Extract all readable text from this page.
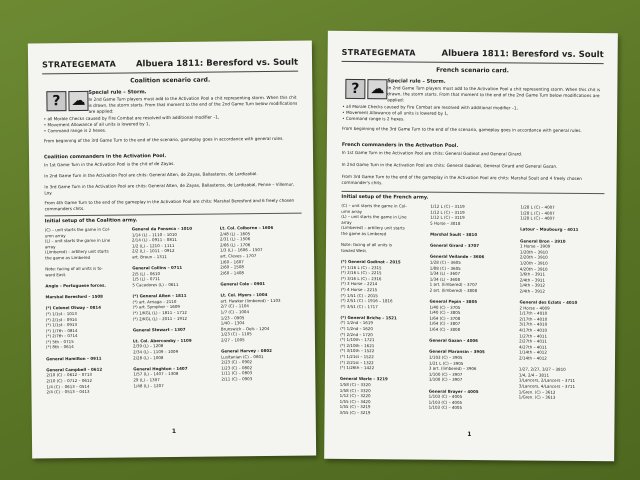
STRATEGEMATA Albuera 1811: Beresford vs. Soult
Coalition scenario card.
? ☁
Special rule – Storm.
In 2nd Game Turn players must add to the Activation Pool a chit representing storm. When this chit is drawn, the storm starts. From that moment to the end of the 2nd Game Turn below modifications are applied:
• all Morale Checks caused by Fire Combat are resolved with additional modifier –1,
• Movement Allowance of all units is lowered by 1,
• Command range is 2 hexes.
From beginning of the 3rd Game Turn to the end of the scenario, gameplay goes in accordance with general rules.
Coalition commanders in the Activation Pool.
In 1st Game Turn in the Activation Pool is the chit of de Zayas.
In 2nd Game Turn in the Activation Pool are chits: General Alten, de Zayas, Ballasteros, de Lardizabal.
In 3rd Game Turn in the Activation Pool are chits: General Alten, de Zayas, Ballasteros, de Lardizabal, Penne – Villemur, Loy.
From 4th Game Turn to the end of the gameplay in the Activation Pool are chits: Marshal Beresford and 6 freely chosen commanders chits.
Initial setup of the Coalition army.
(C) – unit starts the game in Col-
umn array
(L) – unit starts the game in Line
array
(Limbered) – artillery unit starts
the game as Limbered

Note: facing of all units is to-
ward East.

Anglo – Portuguese forces.

Marshal Beresford – 1508

(*) Colonel Otway – 0814
(*) 1/1st – 1013
(*) 2/1st – 0914
(*) 1/1st – 0913
(*) 1/7th – 0814
(*) 2/7th – 0714
(*) 5th – 0715
(*) 8th – 0614

General Hamilton – 0911

General Campbell – 0612
2/10 (C) – 0612 – 0713
2/10 (C) – 0712 – 0612
1/4 (C) – 0613 – 0514
2/4 (C) – 0513 – 0413
General da Fonseca – 1010
1/14 (L) – 1110 – 1010
2/14 (L) – 0911 – 0811
1/2 (L) – 1210 – 1111
2/2 (L) – 1011 – 0912
art. Braun – 1311

General Collins – 0711
2/5 (L) – 0610
1/5 (L) – 0711
5 Cacadores (L) – 0611

(*) General Alten – 1811
(*) art. Arriaga – 2110
(*) art. Sympher – 1609
(*) 1/KGL (L) – 1811 – 1712
(*) 2/KGL (L) – 2011 – 1912

General Stewart – 1307

Lt. Col. Abercomby – 1109
2/39 (L) – 1208
2/34 (L) – 1109 – 1009
2/28 (L) – 1008

General Hoghton – 1407
1/57 (L) – 1407 – 1308
29 (L) – 1307
1/48 (L) – 1207
Lt. Col. Colborne – 1606
2/48 (L) – 1605
2/31 (L) – 1506
2/66 (L) – 1706
1/3 (L) – 1606 – 1507
art. Cleves – 1707
1/60 – 1607
2/60 – 1508
2/60 – 1408

General Cole – 0901

Lt. Col. Myers – 1004
art. Hawker (limbered) – 1103
2/7 (C) – 1104
1/7 (C) – 1004
1/23 – 0905
1/40 – 1304
Brunswick – Oels – 1204
1/23 (C) – 1105
2/27 – 1005

General Harvey – 0802
Lusitanian (C) – 0801
2/23 (C) – 0902
1/23 (C) – 0802
1/11 (C) – 0803
2/11 (C) – 0903
1
STRATEGEMATA	Albuera 1811: Beresford vs. Soult
French scenario card.
? ☁ Special rule – Storm.
In 2nd Game Turn players must add to the Activation Pool a chit representing storm. When this chit is drawn, the storm starts. From that moment to the end of the 2nd Game Turn below modifications are applied:
• all Morale Checks caused by Fire Combat are resolved with additional modifier –1,
• Movement Allowance of all units is lowered by 1,
• Command range is 2 hexes.
From beginning of the 3rd Game Turn to the end of the scenario, gameplay goes in accordance with general rules.
French commanders in the Activation Pool.
In 1st Game Turn in the Activation Pool are chits: General Godinot and General Girard.
In 2nd Game Turn in the Activation Pool are chits: General Godinot, General Girard and General Gazan.
From 3rd Game Turn to the end of the gameplay in the Activation Pool are chits: Marshal Soult and 4 freely chosen commander's chits.
Initial setup of the French army.
(C) – unit starts the game in Col-
umn array
(L) – unit starts the game in Line
array
(Limbered) – artillery unit starts
the game as Limbered

Note: facing of all units is
toward West.

(*) General Godinot – 2015
(*) 1/16 L (C) – 2315
(*) 2/16 L (C) – 2215
(*) 3/16 L (C) – 2316
(*) 3 Horse – 2214
(*) 4 Horse – 2215
(*) 1/51 (C) – 2015
(*) 2/51 (C) – 1916 – 1816
(*) 3/51 (C) – 1717

(*) General Briche – 1521
(*) 1/2nd – 1619
(*) 1/2nd – 1620
(*) 2/2nd – 1720
(*) 1/10th – 1721
(*) 2/10th – 1621
(*) 3/10th – 1522
(*) 1/21st – 1522
(*) 2/21st – 1322
(*) 1/26th – 1422

General Werle – 3219
1/58 (C) – 3320
1/58 (C) – 3320
1/12 (C) – 3220
1/55 (C) – 3420
1/55 (C) – 3219
3/55 (C) – 3219
1/12 L (C) – 3119
1/12 L (C) – 3119
1/12 L (C) – 3119
5 Horse – 3018

Marshal Soult – 3810

General Girard – 3707

General Veilande – 3606
1/28 (C) – 3605
1/88 (C) – 3605
1/34 (L) – 3607
1/34 (L) – 3608
1 art. (limbered) – 3707
2 art. (limbered) – 3808

General Pepin – 3805
1/40 (C) – 3705
1/40 (C) – 3805
1/64 (C) – 3708
1/64 (C) – 3807
1/64 (C) – 3808

General Gazan – 4006

General Maransin – 3905
1/103 (C) – 3905
1/21 L (C) – 3905
3 art. (limbered) – 3906
1/100 (C) – 3907
1/100 (C) – 3907

General Brayer – 4005
1/103 (C) – 4005
1/103 (C) – 4005
1/103 (C) – 4005
1/28 L (C) – 4007
1/28 L (C) – 4007
1/28 L (C) – 4007

Latour – Maubourg – 4011

General Bron – 3910
1 Horse – 3909
1/20th – 3910
2/20th – 3910
1/20th – 3910
4/20th – 3910
1/6th – 3911
2/4th – 3911
1/4th – 3912
2/4th – 3912

General des Eclats – 4010
2 Horse – 4009
1/17th – 4010
2/17th – 4010
3/17th – 4010
4/17th – 4010
1/27th – 4011
2/27th – 4011
4/27th – 4011
1/14th – 4012
2/14th – 4012

1/27, 2/27, 3/27 – 3810
1/4, 2/4 – 3811
1/Lancers, 2/Lancers – 3711
3/Lancers, 4/Lancers – 3711
1/Gren. (C) – 3612
1/Gren. (C) – 3613
1
